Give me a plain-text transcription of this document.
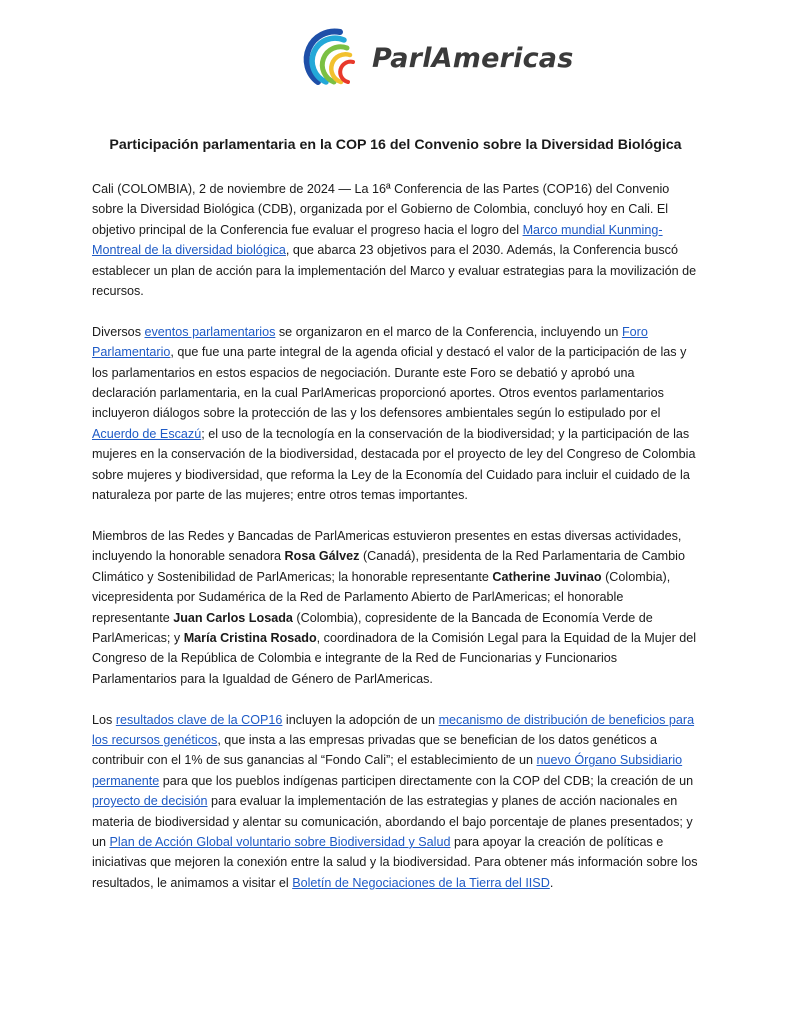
ParlAmericas
Participación parlamentaria en la COP 16 del Convenio sobre la Diversidad Biológica

Cali (COLOMBIA), 2 de noviembre de 2024 — La 16ª Conferencia de las Partes (COP16) del Convenio sobre la Diversidad Biológica (CDB), organizada por el Gobierno de Colombia, concluyó hoy en Cali. El objetivo principal de la Conferencia fue evaluar el progreso hacia el logro del Marco mundial Kunming-Montreal de la diversidad biológica, que abarca 23 objetivos para el 2030. Además, la Conferencia buscó establecer un plan de acción para la implementación del Marco y evaluar estrategias para la movilización de recursos.

Diversos eventos parlamentarios se organizaron en el marco de la Conferencia, incluyendo un Foro Parlamentario, que fue una parte integral de la agenda oficial y destacó el valor de la participación de las y los parlamentarios en estos espacios de negociación. Durante este Foro se debatió y aprobó una declaración parlamentaria, en la cual ParlAmericas proporcionó aportes. Otros eventos parlamentarios incluyeron diálogos sobre la protección de las y los defensores ambientales según lo estipulado por el Acuerdo de Escazú; el uso de la tecnología en la conservación de la biodiversidad; y la participación de las mujeres en la conservación de la biodiversidad, destacada por el proyecto de ley del Congreso de Colombia sobre mujeres y biodiversidad, que reforma la Ley de la Economía del Cuidado para incluir el cuidado de la naturaleza por parte de las mujeres; entre otros temas importantes.

Miembros de las Redes y Bancadas de ParlAmericas estuvieron presentes en estas diversas actividades, incluyendo la honorable senadora Rosa Gálvez (Canadá), presidenta de la Red Parlamentaria de Cambio Climático y Sostenibilidad de ParlAmericas; la honorable representante Catherine Juvinao (Colombia), vicepresidenta por Sudamérica de la Red de Parlamento Abierto de ParlAmericas; el honorable representante Juan Carlos Losada (Colombia), copresidente de la Bancada de Economía Verde de ParlAmericas; y María Cristina Rosado, coordinadora de la Comisión Legal para la Equidad de la Mujer del Congreso de la República de Colombia e integrante de la Red de Funcionarias y Funcionarios Parlamentarios para la Igualdad de Género de ParlAmericas.

Los resultados clave de la COP16 incluyen la adopción de un mecanismo de distribución de beneficios para los recursos genéticos, que insta a las empresas privadas que se benefician de los datos genéticos a contribuir con el 1% de sus ganancias al “Fondo Cali”; el establecimiento de un nuevo Órgano Subsidiario permanente para que los pueblos indígenas participen directamente con la COP del CDB; la creación de un proyecto de decisión para evaluar la implementación de las estrategias y planes de acción nacionales en materia de biodiversidad y alentar su comunicación, abordando el bajo porcentaje de planes presentados; y un Plan de Acción Global voluntario sobre Biodiversidad y Salud para apoyar la creación de políticas e iniciativas que mejoren la conexión entre la salud y la biodiversidad. Para obtener más información sobre los resultados, le animamos a visitar el Boletín de Negociaciones de la Tierra del IISD.
